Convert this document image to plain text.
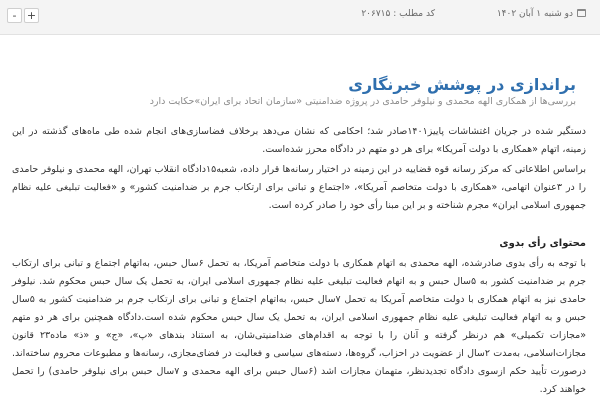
دو شنبه ۱ آبان ۱۴۰۲
کد مطلب : ۲۰۶۷۱۵
+
-
براندازی در پوشش خبرنگاری
بررسی‌ها از همکاری الهه محمدی و نیلوفر حامدی در پروژه ضدامنیتی «سازمان اتحاد برای ایران»حکایت دارد

دستگیر شده در جریان اغتشاشات پاییز۱۴۰۱صادر شد؛ احکامی که نشان می‌دهد برخلاف فضاسازی‌های انجام شده طی ماه‌های گذشته در این زمینه، اتهام «همکاری با دولت آمریکا» برای هر دو متهم در دادگاه محرز شده‌است.

براساس اطلاعاتی که مرکز رسانه قوه قضاییه در این زمینه در اختیار رسانه‌ها قرار داده، شعبه۱۵دادگاه انقلاب تهران، الهه محمدی و نیلوفر حامدی را در ۳عنوان اتهامی، «همکاری با دولت متخاصم آمریکا»، «اجتماع و تبانی برای ارتکاب جرم بر ضدامنیت کشور» و «فعالیت تبلیغی علیه نظام جمهوری اسلامی ایران» مجرم شناخته و بر این مبنا رأی خود را صادر کرده است.

محتوای رأی بدوی

با توجه به رأی بدوی صادرشده، الهه محمدی به اتهام همکاری با دولت متخاصم آمریکا، به تحمل ۶سال حبس، به‌اتهام اجتماع و تبانی برای ارتکاب جرم بر ضدامنیت کشور به ۵سال حبس و به اتهام فعالیت تبلیغی علیه نظام جمهوری اسلامی ایران، به تحمل یک سال حبس محکوم شد. نیلوفر حامدی نیز به اتهام همکاری با دولت متخاصم آمریکا به تحمل ۷سال حبس، به‌اتهام اجتماع و تبانی برای ارتکاب جرم بر ضدامنیت کشور به ۵سال حبس و به اتهام فعالیت تبلیغی علیه نظام جمهوری اسلامی ایران، به تحمل یک سال حبس محکوم شده است.دادگاه همچنین برای هر دو متهم «مجازات تکمیلی» هم درنظر گرفته و آنان را با توجه به اقدام‌های ضدامنیتی‌شان، به استناد بندهای «پ»، «ج» و «ذ» ماده۲۳ قانون مجازات‌اسلامی، به‌مدت ۲سال از عضویت در احزاب، گروه‌ها، دسته‌های سیاسی و فعالیت در فضای‌مجازی، رسانه‌ها و مطبوعات محروم ساخته‌اند. درصورت تأیید حکم ازسوی دادگاه تجدیدنظر، متهمان مجازات اشد (۶سال حبس برای الهه محمدی و ۷سال حبس برای نیلوفر حامدی) را تحمل خواهند کرد.
